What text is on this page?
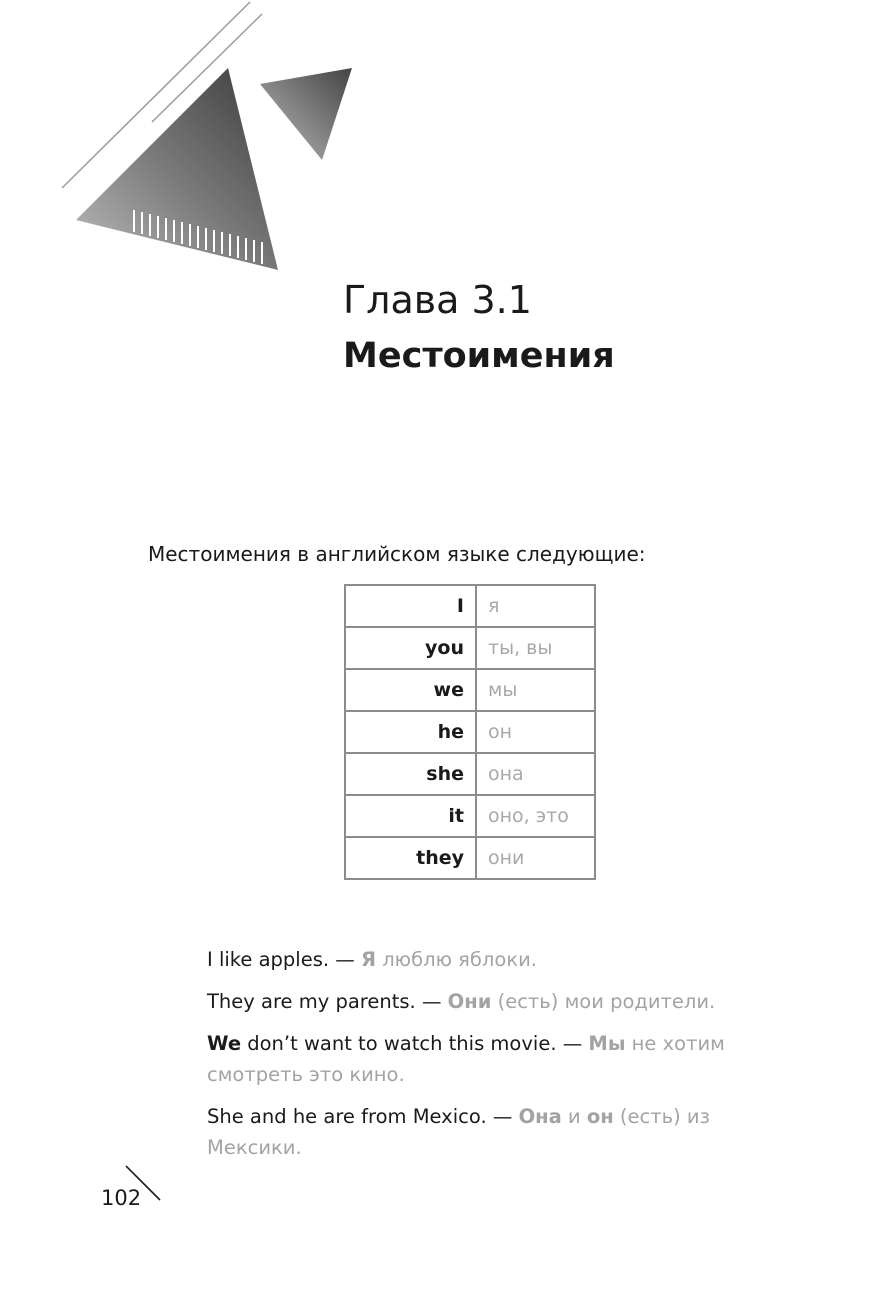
Глава 3.1
Местоимения
Местоимения в английском языке следующие:
I	я
you	ты, вы
we	мы
he	он
she	она
it	оно, это
they	они

I like apples. — Я люблю яблоки.

They are my parents. — Они (есть) мои родители.

We don’t want to watch this movie. — Мы не хотим смотреть это кино.

She and he are from Mexico. — Она и он (есть) из Мексики.

102
